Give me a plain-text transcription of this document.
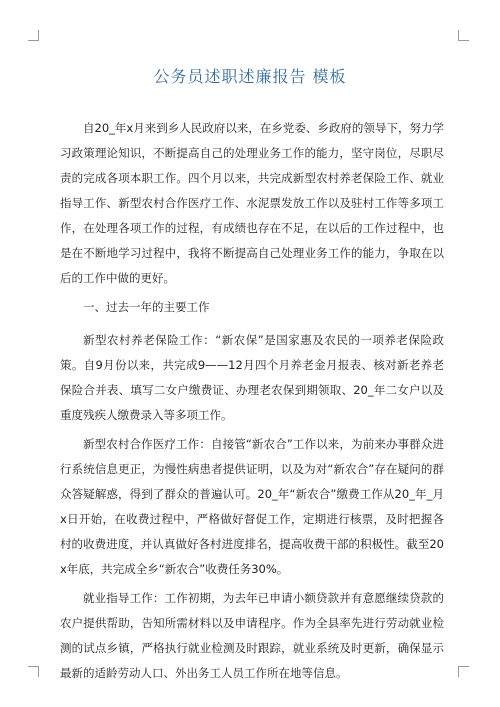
公务员述职述廉报告 模板

自20_年x月来到乡人民政府以来，在乡党委、乡政府的领导下，努力学习政策理论知识，不断提高自己的处理业务工作的能力，坚守岗位，尽职尽责的完成各项本职工作。四个月以来，共完成新型农村养老保险工作、就业指导工作、新型农村合作医疗工作、水泥票发放工作以及驻村工作等多项工作，在处理各项工作的过程，有成绩也存在不足，在以后的工作过程中，也是在不断地学习过程中，我将不断提高自己处理业务工作的能力，争取在以后的工作中做的更好。

一、过去一年的主要工作

新型农村养老保险工作：“新农保”是国家惠及农民的一项养老保险政策。自9月份以来，共完成9——12月四个月养老金月报表、核对新老养老保险合并表、填写二女户缴费证、办理老农保到期领取、20_年二女户以及重度残疾人缴费录入等多项工作。

新型农村合作医疗工作：自接管“新农合”工作以来，为前来办事群众进行系统信息更正，为慢性病患者提供证明，以及为对“新农合”存在疑问的群众答疑解惑，得到了群众的普遍认可。20_年“新农合”缴费工作从20_年_月x日开始，在收费过程中，严格做好督促工作，定期进行核票，及时把握各村的收费进度，并认真做好各村进度排名，提高收费干部的积极性。截至20x年底，共完成全乡“新农合”收费任务30%。

就业指导工作：工作初期，为去年已申请小额贷款并有意愿继续贷款的农户提供帮助，告知所需材料以及申请程序。作为全县率先进行劳动就业检测的试点乡镇，严格执行就业检测及时跟踪，就业系统及时更新，确保显示最新的适龄劳动人口、外出务工人员工作所在地等信息。
